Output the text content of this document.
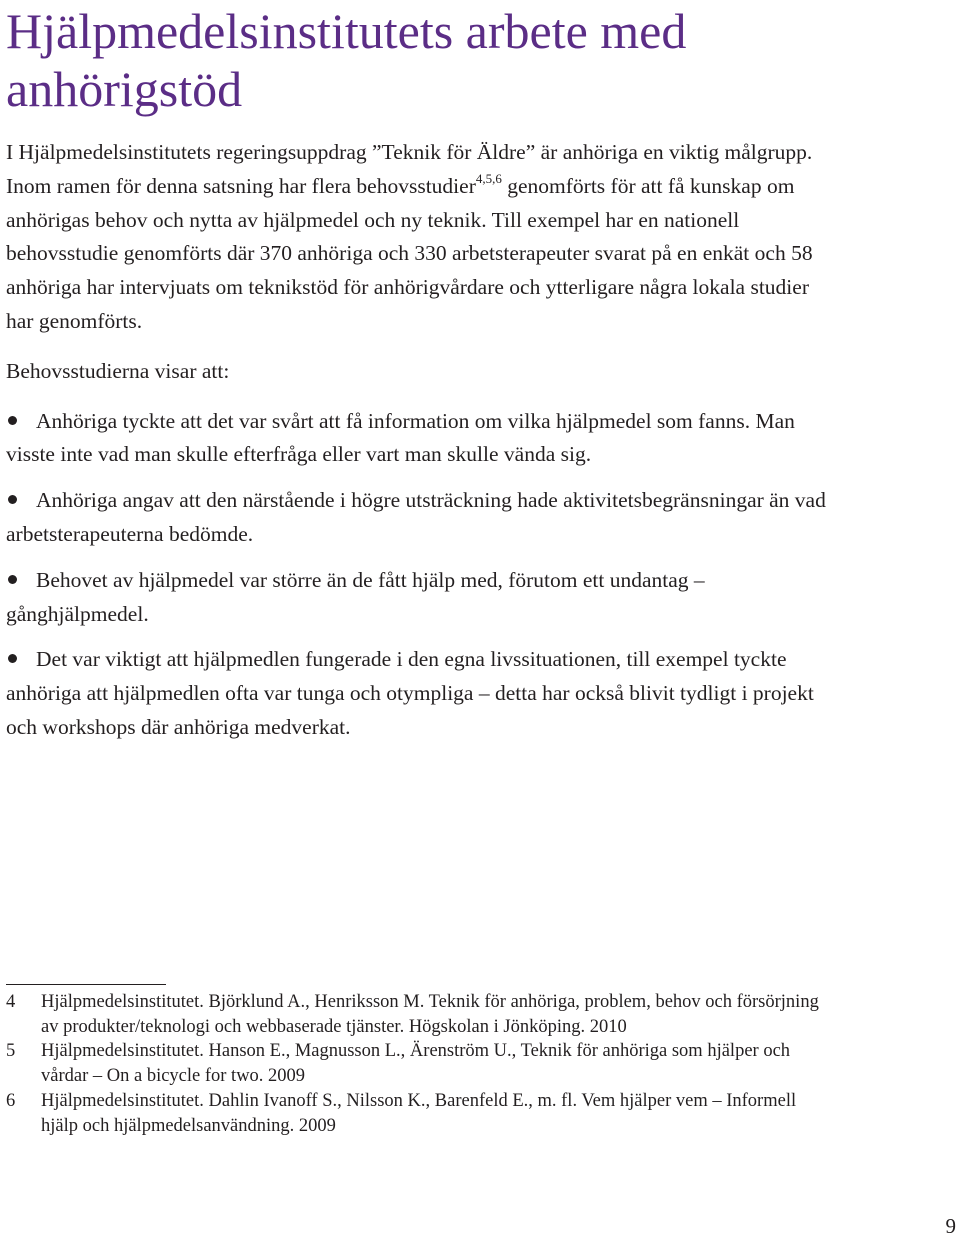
Hjälpmedelsinstitutets arbete med anhörigstöd

I Hjälpmedelsinstitutets regeringsuppdrag ”Teknik för Äldre” är anhöriga en viktig målgrupp. Inom ramen för denna satsning har flera behovsstudier$^{4,5,6}$ genomförts för att få kunskap om anhörigas behov och nytta av hjälpmedel och ny teknik. Till exempel har en nationell behovsstudie genomförts där 370 anhöriga och 330 arbetsterapeuter svarat på en enkät och 58 anhöriga har intervjuats om teknikstöd för anhörigvårdare och ytterligare några lokala studier har genomförts.

Behovsstudierna visar att:

Anhöriga tyckte att det var svårt att få information om vilka hjälpmedel som fanns. Man visste inte vad man skulle efterfråga eller vart man skulle vända sig.
Anhöriga angav att den närstående i högre utsträckning hade aktivitetsbegränsningar än vad arbetsterapeuterna bedömde.
Behovet av hjälpmedel var större än de fått hjälp med, förutom ett undantag – gånghjälpmedel.
Det var viktigt att hjälpmedlen fungerade i den egna livssituationen, till exempel tyckte anhöriga att hjälpmedlen ofta var tunga och otympliga – detta har också blivit tydligt i projekt och workshops där anhöriga medverkat.
4	Hjälpmedelsinstitutet. Björklund A., Henriksson M. Teknik för anhöriga, problem, behov och försörjning av produkter/teknologi och webbaserade tjänster. Högskolan i Jönköping. 2010
5	Hjälpmedelsinstitutet. Hanson E., Magnusson L., Ärenström U., Teknik för anhöriga som hjälper och vårdar – On a bicycle for two. 2009
6	Hjälpmedelsinstitutet. Dahlin Ivanoff S., Nilsson K., Barenfeld E., m. fl. Vem hjälper vem – Informell hjälp och hjälpmedelsanvändning. 2009
9
